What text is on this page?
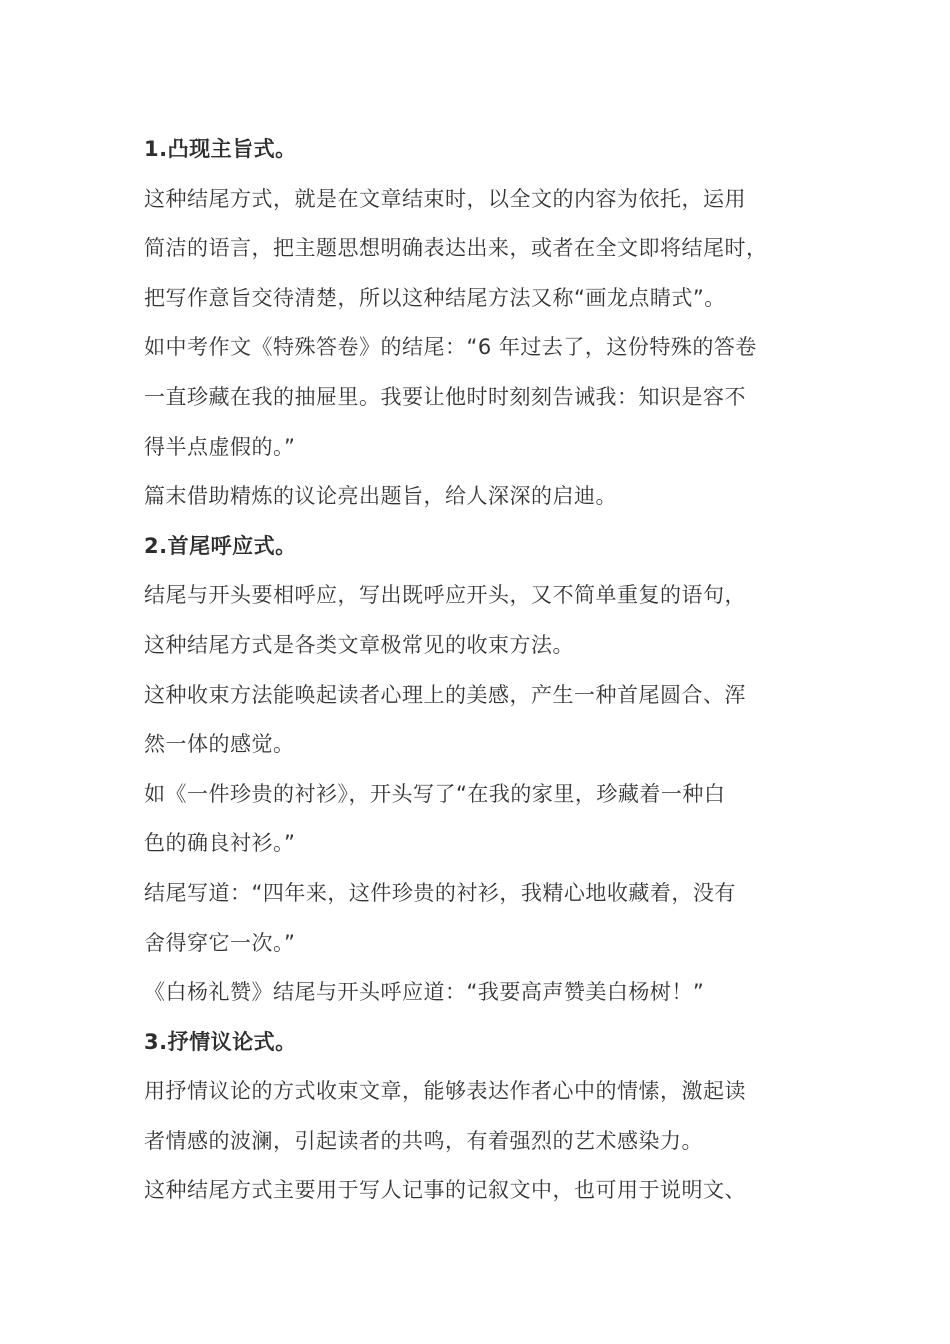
1.凸现主旨式。
这种结尾方式，就是在文章结束时，以全文的内容为依托，运用
简洁的语言，把主题思想明确表达出来，或者在全文即将结尾时，
把写作意旨交待清楚，所以这种结尾方法又称“画龙点睛式”。
如中考作文《特殊答卷》的结尾：“6 年过去了，这份特殊的答卷
一直珍藏在我的抽屉里。我要让他时时刻刻告诫我：知识是容不
得半点虚假的。”
篇末借助精炼的议论亮出题旨，给人深深的启迪。
2.首尾呼应式。
结尾与开头要相呼应，写出既呼应开头，又不简单重复的语句，
这种结尾方式是各类文章极常见的收束方法。
这种收束方法能唤起读者心理上的美感，产生一种首尾圆合、浑
然一体的感觉。
如《一件珍贵的衬衫》，开头写了“在我的家里，珍藏着一种白
色的确良衬衫。”
结尾写道：“四年来，这件珍贵的衬衫，我精心地收藏着，没有
舍得穿它一次。”
《白杨礼赞》结尾与开头呼应道：“我要高声赞美白杨树！”
3.抒情议论式。
用抒情议论的方式收束文章，能够表达作者心中的情愫，激起读
者情感的波澜，引起读者的共鸣，有着强烈的艺术感染力。
这种结尾方式主要用于写人记事的记叙文中，也可用于说明文、
